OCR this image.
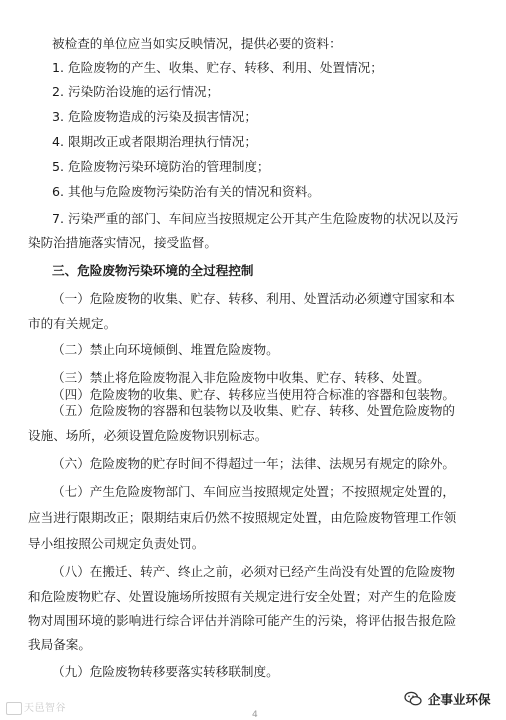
被检查的单位应当如实反映情况，提供必要的资料：
1. 危险废物的产生、收集、贮存、转移、利用、处置情况；
2. 污染防治设施的运行情况；
3. 危险废物造成的污染及损害情况；
4. 限期改正或者限期治理执行情况；
5. 危险废物污染环境防治的管理制度；
6. 其他与危险废物污染防治有关的情况和资料。
7. 污染严重的部门、车间应当按照规定公开其产生危险废物的状况以及污
染防治措施落实情况，接受监督。
三、危险废物污染环境的全过程控制
（一）危险废物的收集、贮存、转移、利用、处置活动必须遵守国家和本
市的有关规定。
（二）禁止向环境倾倒、堆置危险废物。
（三）禁止将危险废物混入非危险废物中收集、贮存、转移、处置。
（四）危险废物的收集、贮存、转移应当使用符合标准的容器和包装物。
（五）危险废物的容器和包装物以及收集、贮存、转移、处置危险废物的
设施、场所，必须设置危险废物识别标志。
（六）危险废物的贮存时间不得超过一年；法律、法规另有规定的除外。
（七）产生危险废物部门、车间应当按照规定处置；不按照规定处置的，
应当进行限期改正；限期结束后仍然不按照规定处置，由危险废物管理工作领
导小组按照公司规定负责处罚。
（八）在搬迁、转产、终止之前，必须对已经产生尚没有处置的危险废物
和危险废物贮存、处置设施场所按照有关规定进行安全处置；对产生的危险废
物对周围环境的影响进行综合评估并消除可能产生的污染，将评估报告报危险
我局备案。
（九）危险废物转移要落实转移联制度。
天邑智谷
4
企事业环保
